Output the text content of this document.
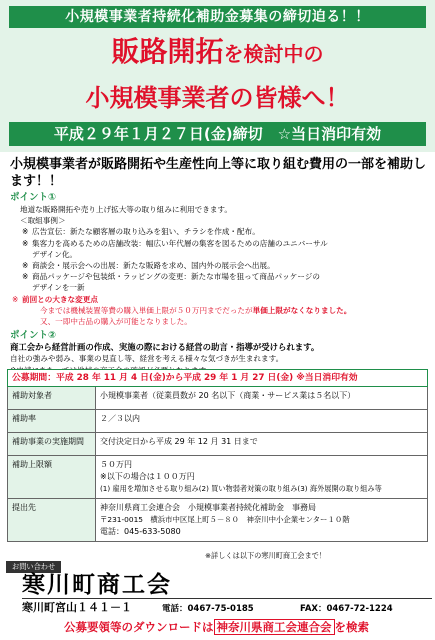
小規模事業者持続化補助金募集の締切迫る！！
販路開拓を検討中の
小規模事業者の皆様へ！
平成２９年１月２７日(金)締切　☆当日消印有効
小規模事業者が販路開拓や生産性向上等に取り組む費用の一部を補助します！！
ポイント①
地道な販路開拓や売り上げ拡大等の取り組みに利用できます。
＜取組事例＞
※ 広告宣伝：新たな顧客層の取り込みを狙い、チラシを作成・配布。
※ 集客力を高めるための店舗改装：幅広い年代層の集客を図るための店舗のユニバーサル
デザイン化。
※ 商談会・展示会への出展：新たな販路を求め、国内外の展示会へ出展。
※ 商品パッケージや包装紙・ラッピングの変更：新たな市場を狙って商品パッケージの
デザインを一新
※ 前回との大きな変更点
今までは機械装置等費の購入単価上限が５０万円までだったが単価上限がなくなりました。
又、一即中古品の購入が可能となりました。
ポイント②
商工会から経営計画の作成、実施の際における経営の助言・指導が受けられます。
自社の強みや弱み、事業の見直し等、経営を考える様々な気づきが生まれます。
公募期間：平成 28 年 11 月 4 日(金)から平成 29 年 1 月 27 日(金) ※当日消印有効	
補助対象者	小規模事業者（従業員数が 20 名以下（商業・サービス業は５名以下）

補助率	２／３以内

補助事業の実施期間	交付決定日から平成 29 年 12 月 31 日まで

補助上限額	５０万円
※以下の場合は１００万円
(1) 雇用を増加させる取り組み(2) 買い物弱者対策の取り組み(3) 海外展開の取り組み等

提出先	神奈川県商工会連合会　小規模事業者持続化補助金　事務局
〒231-0015　横浜市中区尾上町５－８０　神奈川中小企業センター１０階
電話：045-633-5080
※詳しくは以下の寒川町商工会まで！
お問い合わせ
寒川町商工会
寒川町宮山１４１－１	電話：0467-75-0185	FAX：0467-72-1224
公募要領等のダウンロードは 神奈川県商工会連合会 を検索
